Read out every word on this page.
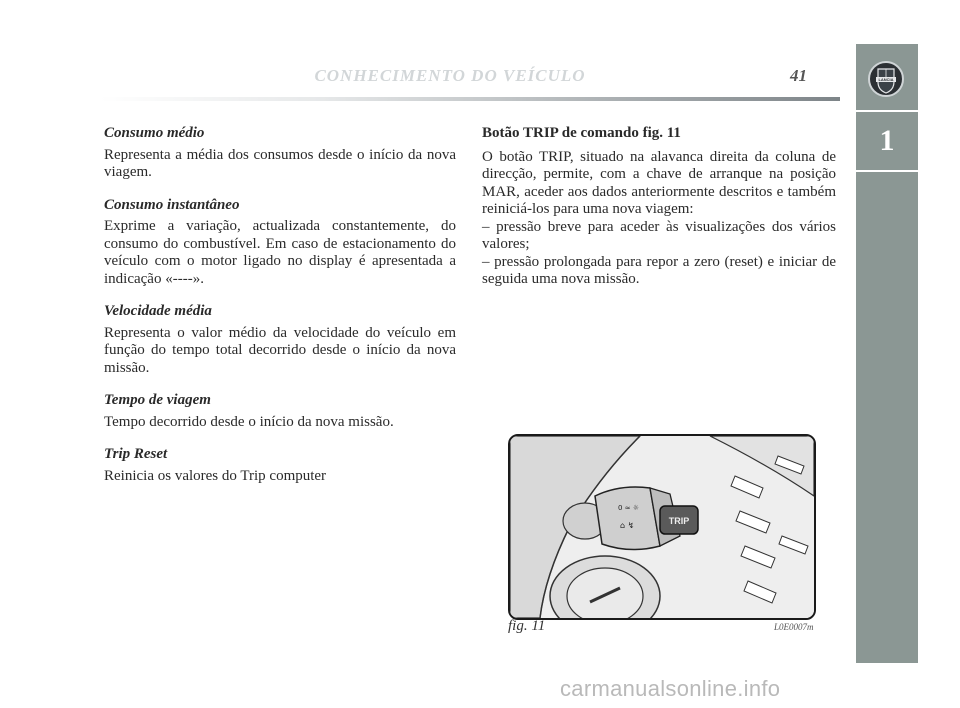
CONHECIMENTO DO VEÍCULO	41	LANCIA
1
Consumo médio
Representa a média dos consumos desde o início da nova viagem.
Consumo instantâneo
Exprime a variação, actualizada constantemente, do consumo do combustível. Em caso de estacionamento do veículo com o motor ligado no display é apresentada a indicação «----».
Velocidade média
Representa o valor médio da velocidade do veículo em função do tempo total decorrido desde o início da nova missão.
Tempo de viagem
Tempo decorrido desde o início da nova missão.
Trip Reset
Reinicia os valores do Trip computer
Botão TRIP de comando fig. 11
O botão TRIP, situado na alavanca direita da coluna de direcção, permite, com a chave de arranque na posição MAR, aceder aos dados anteriormente descritos e também reiniciá-los para uma nova viagem:
– pressão breve para aceder às visualizações dos vários valores;
– pressão prolongada para repor a zero (reset) e iniciar de seguida uma nova missão.
0 ≈ ☼
⌂ ↯	TRIP
fig. 11	L0E0007m
carmanualsonline.info
